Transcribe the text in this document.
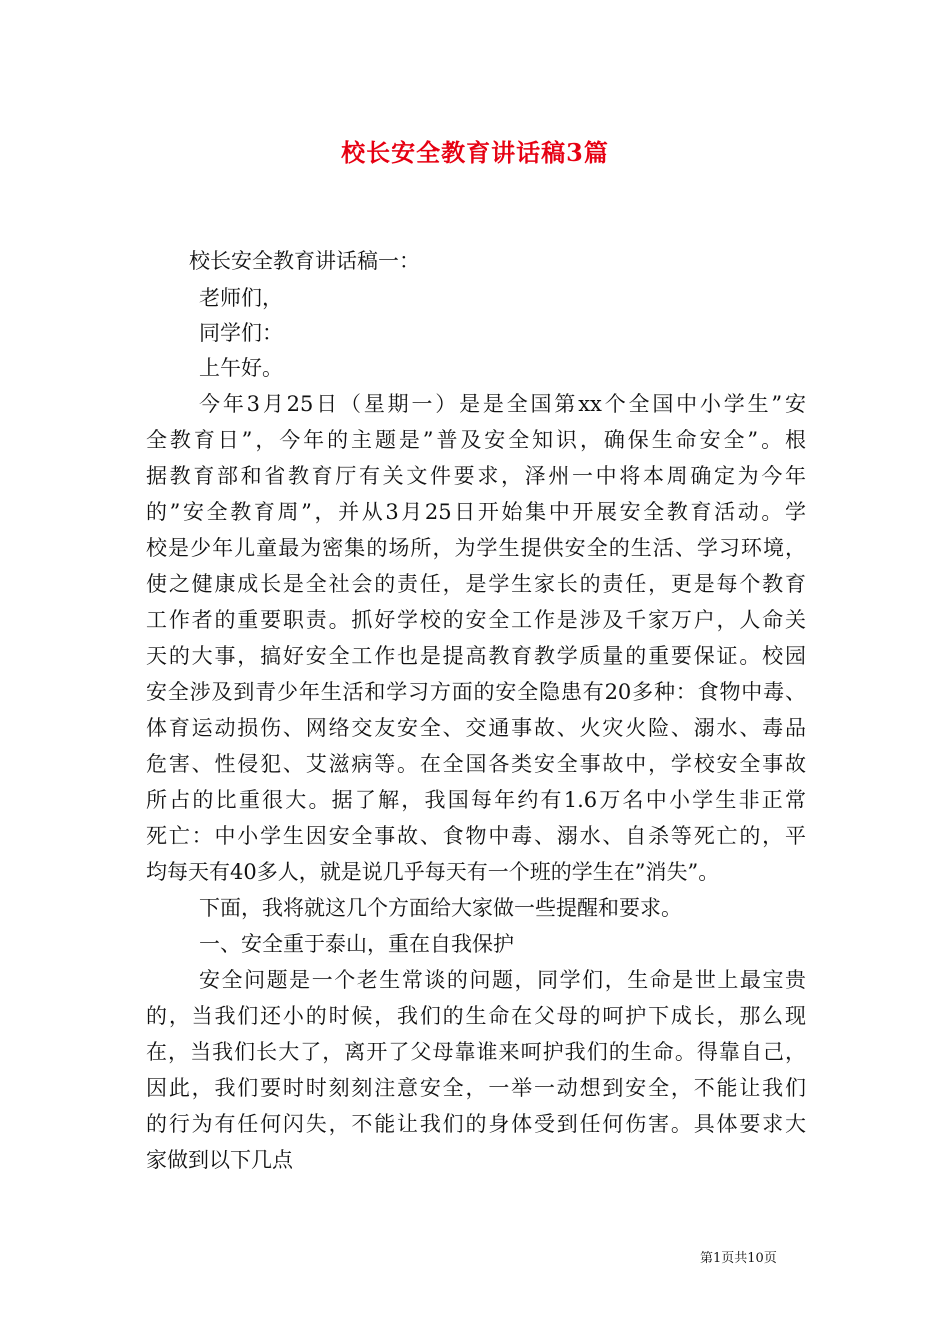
校长安全教育讲话稿3篇
校长安全教育讲话稿一：
老师们，
同学们：
上午好。
今年3月25日（星期一）是是全国第xx个全国中小学生”安
全教育日”，今年的主题是”普及安全知识，确保生命安全”。根
据教育部和省教育厅有关文件要求，泽州一中将本周确定为今年
的”安全教育周”，并从3月25日开始集中开展安全教育活动。学
校是少年儿童最为密集的场所，为学生提供安全的生活、学习环境，
使之健康成长是全社会的责任，是学生家长的责任，更是每个教育
工作者的重要职责。抓好学校的安全工作是涉及千家万户，人命关
天的大事，搞好安全工作也是提高教育教学质量的重要保证。校园
安全涉及到青少年生活和学习方面的安全隐患有20多种：食物中毒、
体育运动损伤、网络交友安全、交通事故、火灾火险、溺水、毒品
危害、性侵犯、艾滋病等。在全国各类安全事故中，学校安全事故
所占的比重很大。据了解，我国每年约有1.6万名中小学生非正常
死亡：中小学生因安全事故、食物中毒、溺水、自杀等死亡的，平
均每天有40多人，就是说几乎每天有一个班的学生在”消失”。
下面，我将就这几个方面给大家做一些提醒和要求。
一、安全重于泰山，重在自我保护
安全问题是一个老生常谈的问题，同学们，生命是世上最宝贵
的，当我们还小的时候，我们的生命在父母的呵护下成长，那么现
在，当我们长大了，离开了父母靠谁来呵护我们的生命。得靠自己，
因此，我们要时时刻刻注意安全，一举一动想到安全，不能让我们
的行为有任何闪失，不能让我们的身体受到任何伤害。具体要求大
家做到以下几点
第1页共10页
